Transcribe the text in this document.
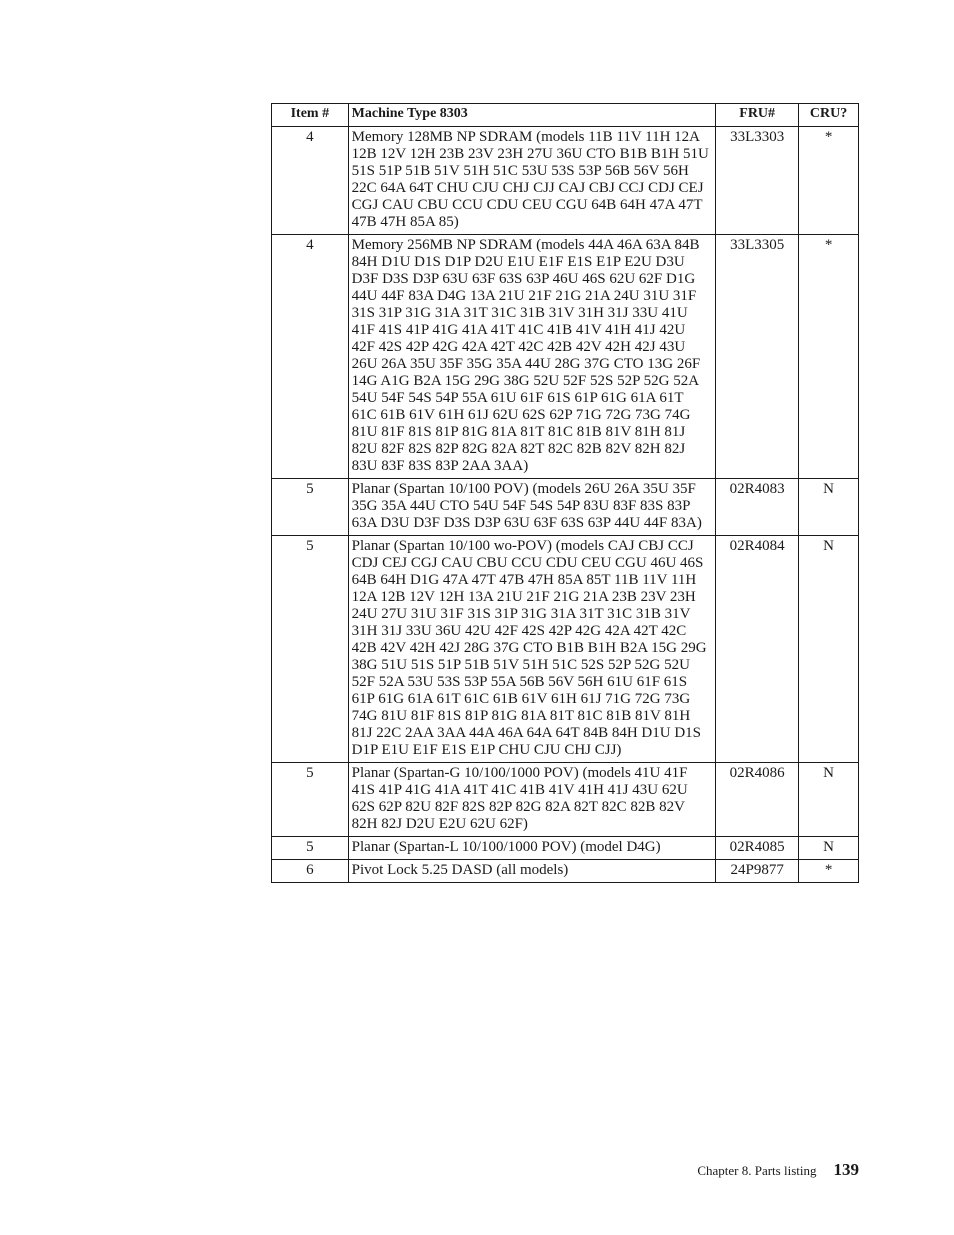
Item #	Machine Type 8303	FRU#	CRU?
4	Memory 128MB NP SDRAM (models 11B 11V 11H 12A 12B 12V 12H 23B 23V 23H 27U 36U CTO B1B B1H 51U 51S 51P 51B 51V 51H 51C 53U 53S 53P 56B 56V 56H 22C 64A 64T CHU CJU CHJ CJJ CAJ CBJ CCJ CDJ CEJ CGJ CAU CBU CCU CDU CEU CGU 64B 64H 47A 47T 47B 47H 85A 85)	33L3303	*
4	Memory 256MB NP SDRAM (models 44A 46A 63A 84B 84H D1U D1S D1P D2U E1U E1F E1S E1P E2U D3U D3F D3S D3P 63U 63F 63S 63P 46U 46S 62U 62F D1G 44U 44F 83A D4G 13A 21U 21F 21G 21A 24U 31U 31F 31S 31P 31G 31A 31T 31C 31B 31V 31H 31J 33U 41U 41F 41S 41P 41G 41A 41T 41C 41B 41V 41H 41J 42U 42F 42S 42P 42G 42A 42T 42C 42B 42V 42H 42J 43U 26U 26A 35U 35F 35G 35A 44U 28G 37G CTO 13G 26F 14G A1G B2A 15G 29G 38G 52U 52F 52S 52P 52G 52A 54U 54F 54S 54P 55A 61U 61F 61S 61P 61G 61A 61T 61C 61B 61V 61H 61J 62U 62S 62P 71G 72G 73G 74G 81U 81F 81S 81P 81G 81A 81T 81C 81B 81V 81H 81J 82U 82F 82S 82P 82G 82A 82T 82C 82B 82V 82H 82J 83U 83F 83S 83P 2AA 3AA)	33L3305	*
5	Planar (Spartan 10/100 POV) (models 26U 26A 35U 35F 35G 35A 44U CTO 54U 54F 54S 54P 83U 83F 83S 83P 63A D3U D3F D3S D3P 63U 63F 63S 63P 44U 44F 83A)	02R4083	N
5	Planar (Spartan 10/100 wo-POV) (models CAJ CBJ CCJ CDJ CEJ CGJ CAU CBU CCU CDU CEU CGU 46U 46S 64B 64H D1G 47A 47T 47B 47H 85A 85T 11B 11V 11H 12A 12B 12V 12H 13A 21U 21F 21G 21A 23B 23V 23H 24U 27U 31U 31F 31S 31P 31G 31A 31T 31C 31B 31V 31H 31J 33U 36U 42U 42F 42S 42P 42G 42A 42T 42C 42B 42V 42H 42J 28G 37G CTO B1B B1H B2A 15G 29G 38G 51U 51S 51P 51B 51V 51H 51C 52S 52P 52G 52U 52F 52A 53U 53S 53P 55A 56B 56V 56H 61U 61F 61S 61P 61G 61A 61T 61C 61B 61V 61H 61J 71G 72G 73G 74G 81U 81F 81S 81P 81G 81A 81T 81C 81B 81V 81H 81J 22C 2AA 3AA 44A 46A 64A 64T 84B 84H D1U D1S D1P E1U E1F E1S E1P CHU CJU CHJ CJJ)	02R4084	N
5	Planar (Spartan-G 10/100/1000 POV) (models 41U 41F 41S 41P 41G 41A 41T 41C 41B 41V 41H 41J 43U 62U 62S 62P 82U 82F 82S 82P 82G 82A 82T 82C 82B 82V 82H 82J D2U E2U 62U 62F)	02R4086	N
5	Planar (Spartan-L 10/100/1000 POV) (model D4G)	02R4085	N
6	Pivot Lock 5.25 DASD (all models)	24P9877	*
Chapter 8. Parts listing 139
